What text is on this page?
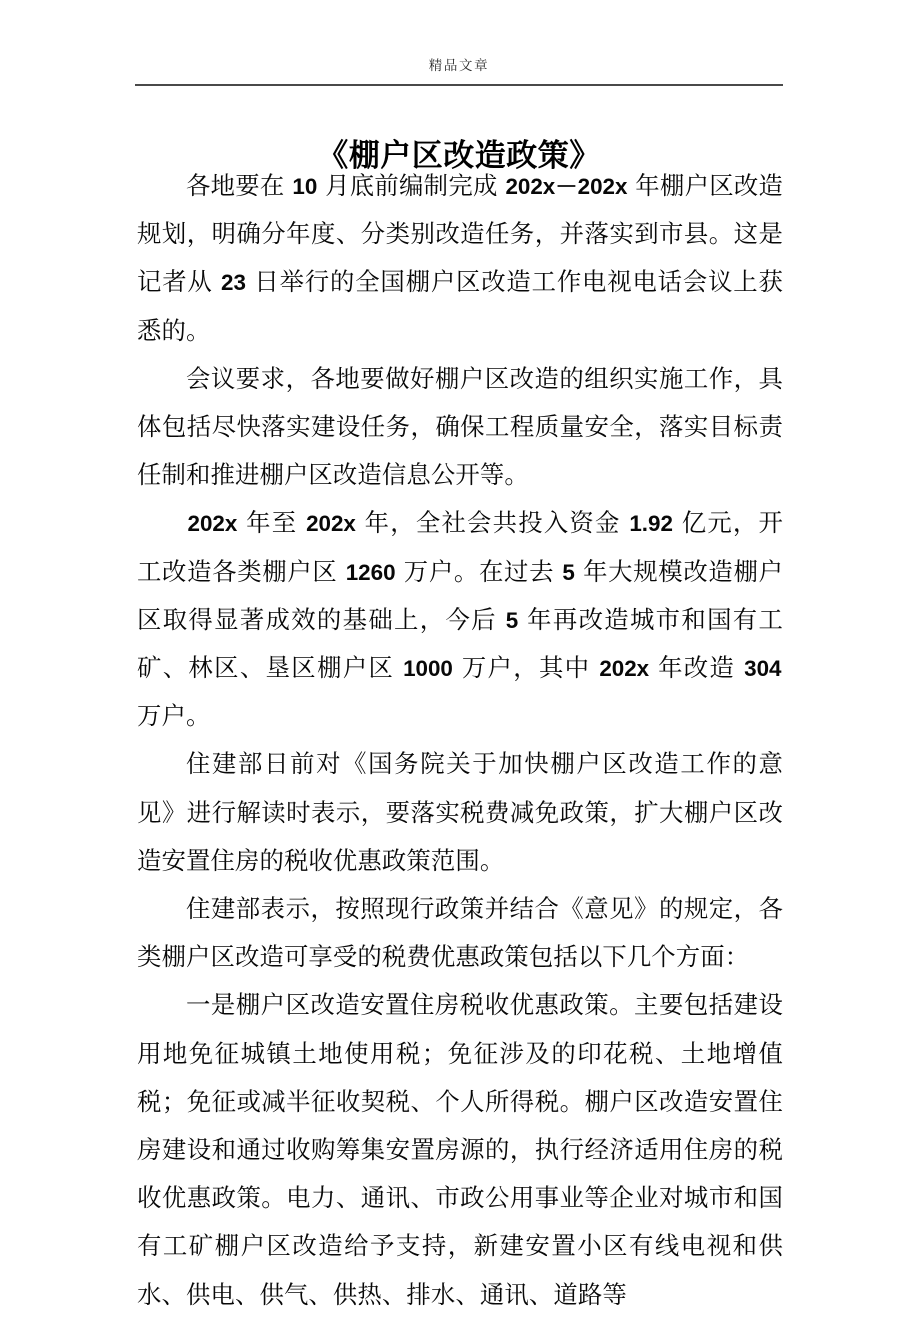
精品文章
《棚户区改造政策》

各地要在 10 月底前编制完成 202x－202x 年棚户区改造规划，明确分年度、分类别改造任务，并落实到市县。这是记者从 23 日举行的全国棚户区改造工作电视电话会议上获悉的。

会议要求，各地要做好棚户区改造的组织实施工作，具体包括尽快落实建设任务，确保工程质量安全，落实目标责任制和推进棚户区改造信息公开等。

202x 年至 202x 年，全社会共投入资金 1.92 亿元，开工改造各类棚户区 1260 万户。在过去 5 年大规模改造棚户区取得显著成效的基础上，今后 5 年再改造城市和国有工矿、林区、垦区棚户区 1000 万户，其中 202x 年改造 304 万户。

住建部日前对《国务院关于加快棚户区改造工作的意见》进行解读时表示，要落实税费减免政策，扩大棚户区改造安置住房的税收优惠政策范围。

住建部表示，按照现行政策并结合《意见》的规定，各类棚户区改造可享受的税费优惠政策包括以下几个方面：

一是棚户区改造安置住房税收优惠政策。主要包括建设用地免征城镇土地使用税；免征涉及的印花税、土地增值税；免征或减半征收契税、个人所得税。棚户区改造安置住房建设和通过收购筹集安置房源的，执行经济适用住房的税收优惠政策。电力、通讯、市政公用事业等企业对城市和国有工矿棚户区改造给予支持，新建安置小区有线电视和供水、供电、供气、供热、排水、通讯、道路等
